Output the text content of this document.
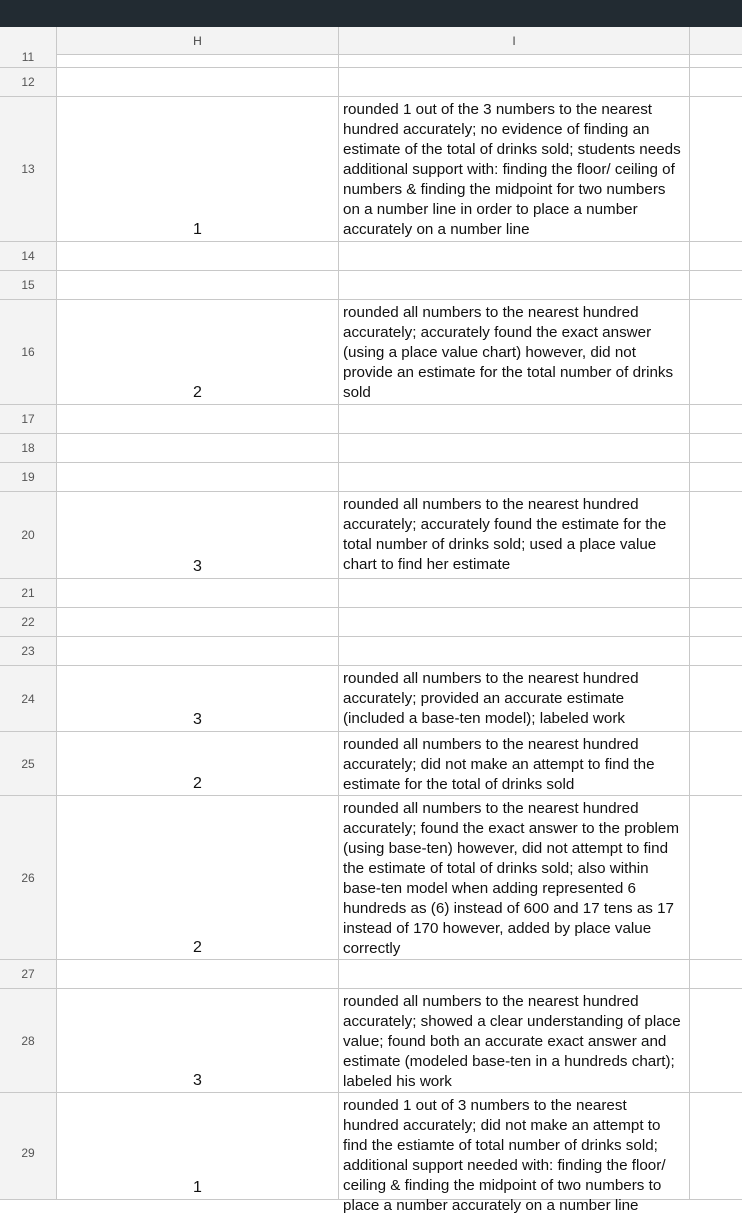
H	I
11
12
13
1
rounded 1 out of the 3 numbers to the nearest hundred accurately; no evidence of finding an estimate of the total of drinks sold; students needs additional support with: finding the floor/ ceiling of numbers & finding the midpoint for two numbers on a number line in order to place a number accurately on a number line
14
15
16
2
rounded all numbers to the nearest hundred accurately; accurately found the exact answer (using a place value chart) however, did not provide an estimate for the total number of drinks sold
17
18
19
20
3
rounded all numbers to the nearest hundred accurately; accurately found the estimate for the total number of drinks sold; used a place value chart to find her estimate
21
22
23
24
3
rounded all numbers to the nearest hundred accurately; provided an accurate estimate (included a base-ten model); labeled work
25
2
rounded all numbers to the nearest hundred accurately; did not make an attempt to find the estimate for the total of drinks sold
26
2
rounded all numbers to the nearest hundred accurately; found the exact answer to the problem (using base-ten) however, did not attempt to find the estimate of total of drinks sold; also within base-ten model when adding represented 6 hundreds as (6) instead of 600 and 17 tens as 17 instead of 170 however, added by place value correctly
27
28
3
rounded all numbers to the nearest hundred accurately; showed a clear understanding of place value; found both an accurate exact answer and estimate (modeled base-ten in a hundreds chart); labeled his work
29
1
rounded 1 out of 3 numbers to the nearest hundred accurately; did not make an attempt to find the estiamte of total number of drinks sold; additional support needed with: finding the floor/ ceiling & finding the midpoint of two numbers to place a number accurately on a number line
